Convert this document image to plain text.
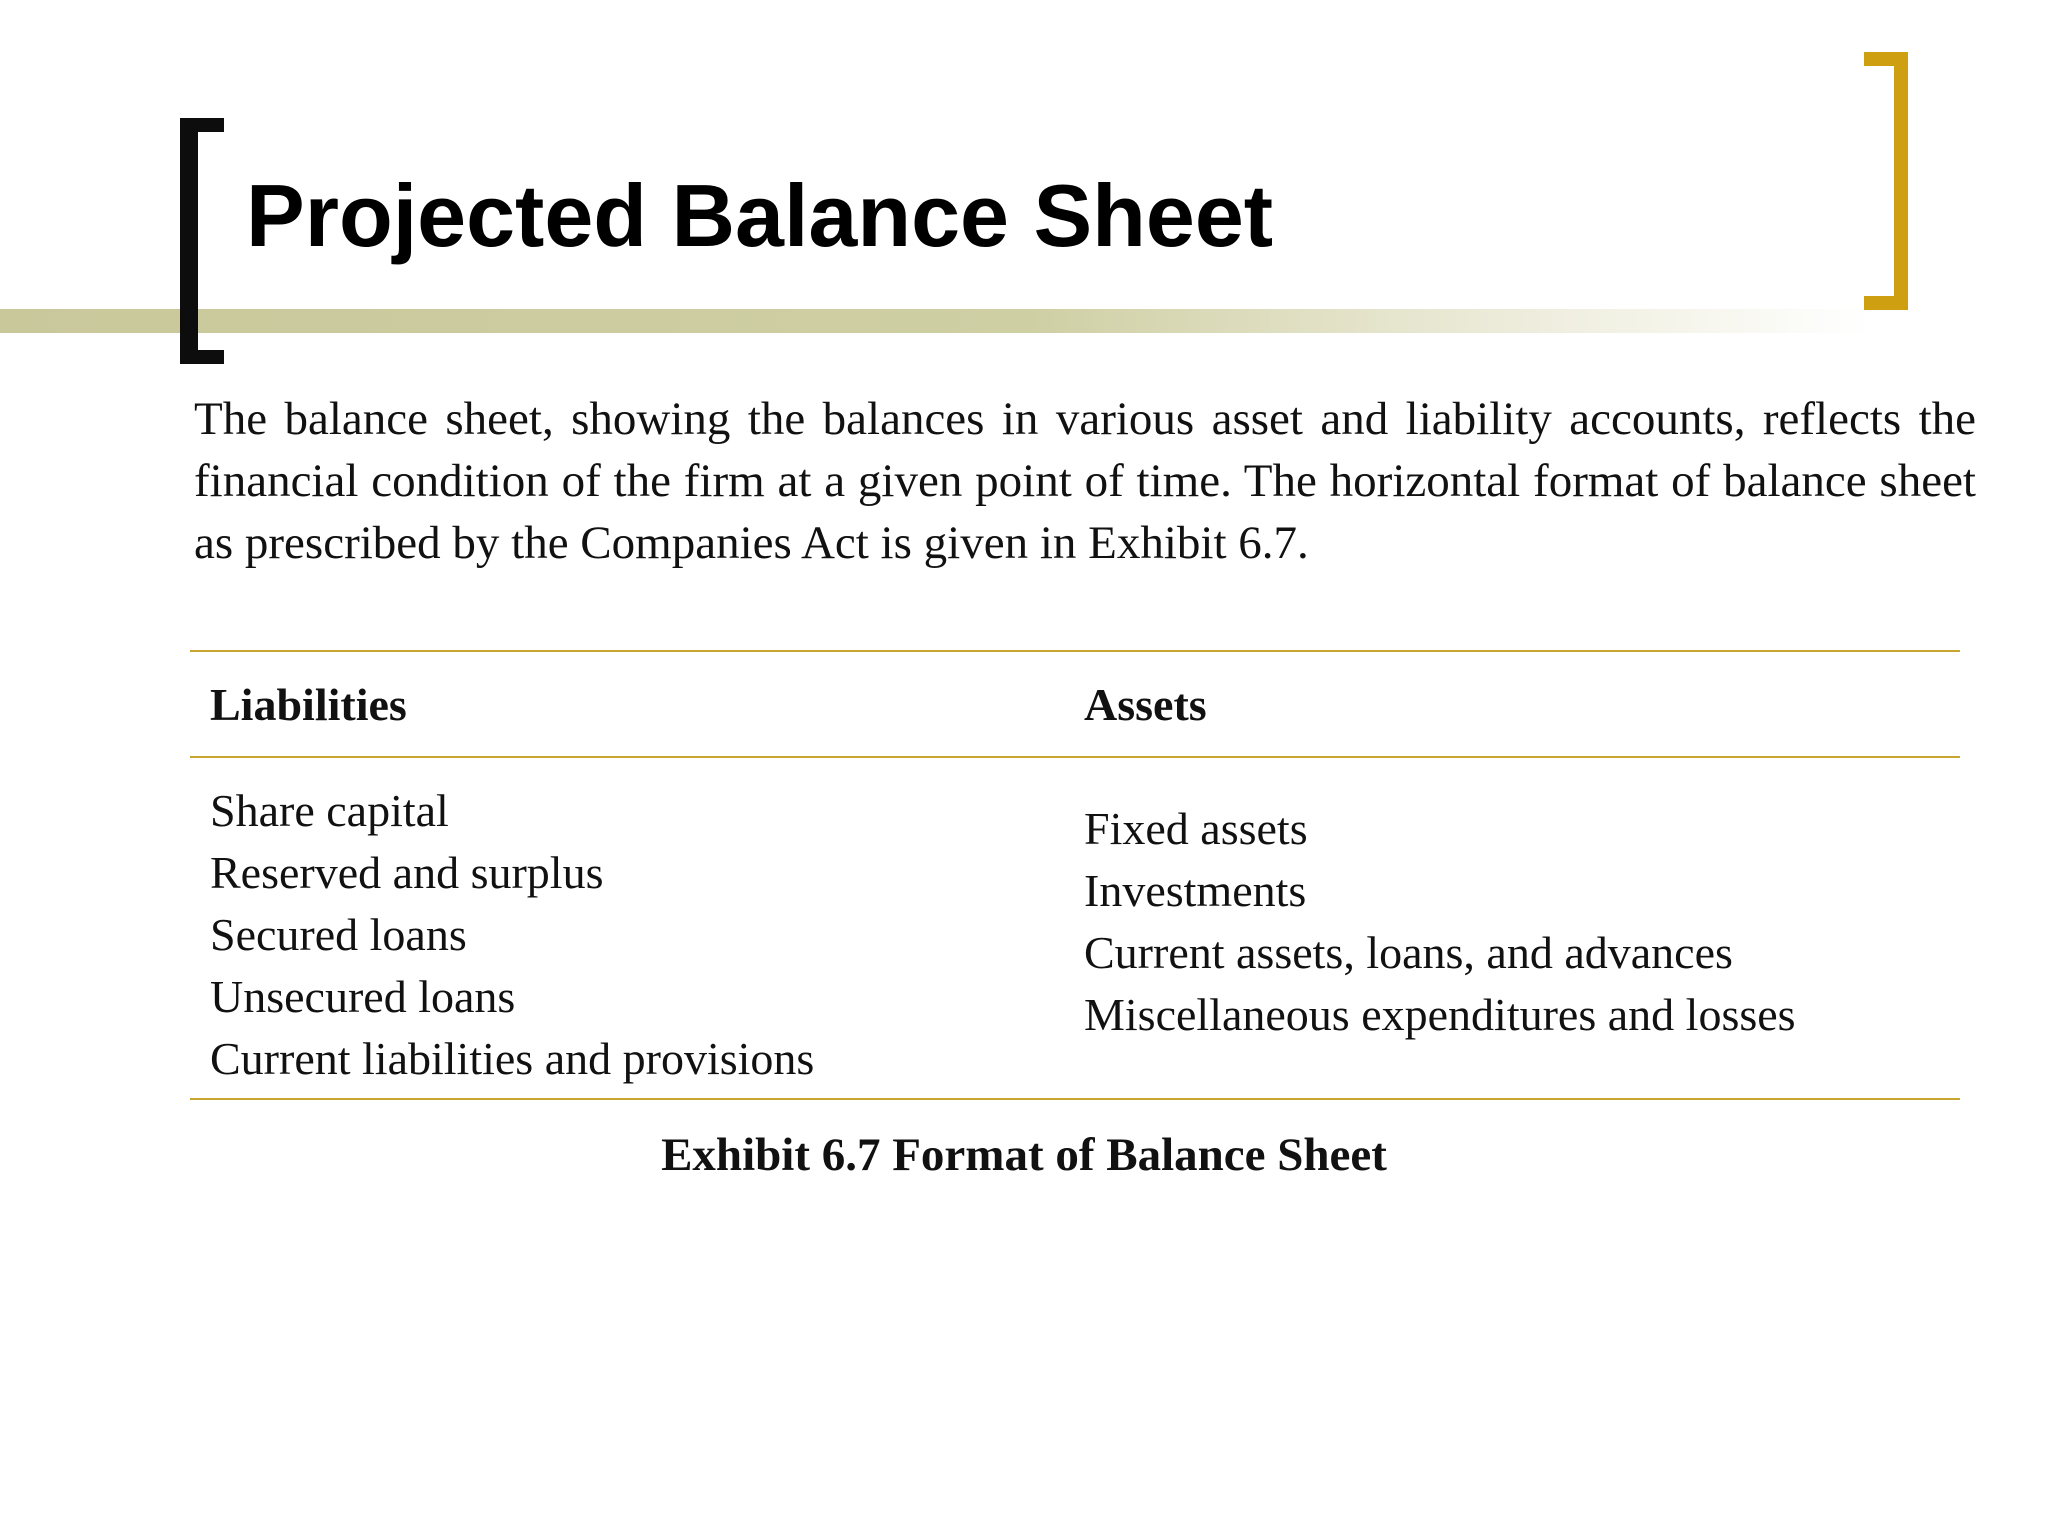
Projected Balance Sheet

The balance sheet, showing the balances in various asset and liability accounts, reflects the financial condition of the firm at a given point of time. The horizontal format of balance sheet as prescribed by the Companies Act is given in Exhibit 6.7.

Liabilities	Assets
Share capital
Reserved and surplus
Secured loans
Unsecured loans
Current liabilities and provisions
Fixed assets
Investments
Current assets, loans, and advances
Miscellaneous expenditures and losses

Exhibit 6.7 Format of Balance Sheet
